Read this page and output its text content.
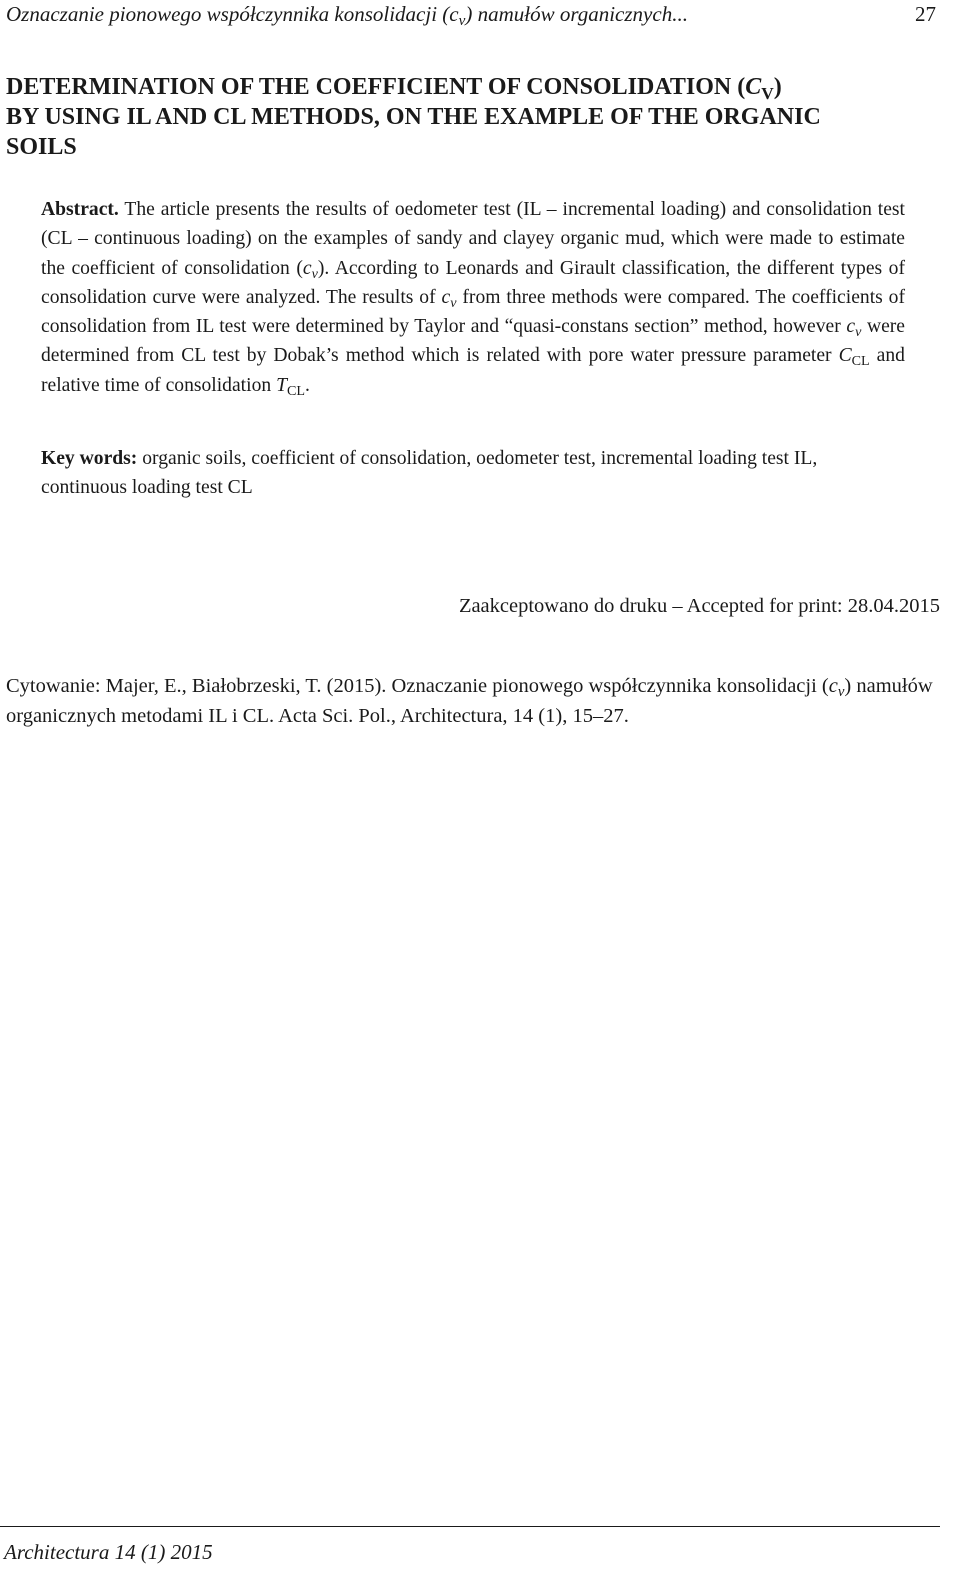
Oznaczanie pionowego współczynnika konsolidacji $(c_v)$ namułów organicznych...	27
DETERMINATION OF THE COEFFICIENT OF CONSOLIDATION $(C_V)$
BY USING IL AND CL METHODS, ON THE EXAMPLE OF THE ORGANIC
SOILS
Abstract. The article presents the results of oedometer test (IL – incremental loading) and consolidation test (CL – continuous loading) on the examples of sandy and clayey organic mud, which were made to estimate the coefficient of consolidation $(c_v)$. According to Leonards and Girault classification, the different types of consolidation curve were analyzed. The results of $c_v$ from three methods were compared. The coefficients of consolidation from IL test were determined by Taylor and “quasi-constans section” method, however $c_v$ were determined from CL test by Dobak’s method which is related with pore water pressure parameter $C_{CL}$ and relative time of consolidation $T_{CL}$.
Key words: organic soils, coefficient of consolidation, oedometer test, incremental loading test IL, continuous loading test CL
Zaakceptowano do druku – Accepted for print: 28.04.2015
Cytowanie: Majer, E., Białobrzeski, T. (2015). Oznaczanie pionowego współczynnika konsolidacji $(c_v)$ namułów organicznych metodami IL i CL. Acta Sci. Pol., Architectura, 14 (1), 15–27.
Architectura 14 (1) 2015
